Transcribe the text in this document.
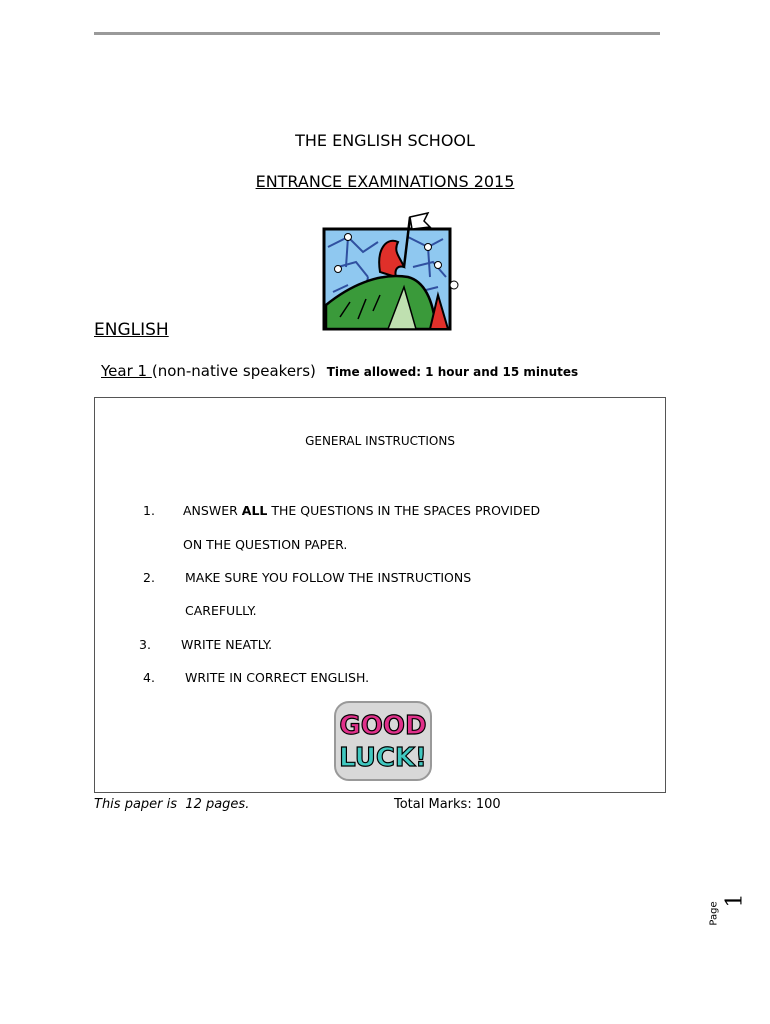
THE ENGLISH SCHOOL
ENTRANCE EXAMINATIONS 2015
ENGLISH
Year 1 (non-native speakers) Time allowed: 1 hour and 15 minutes
GENERAL INSTRUCTIONS
1. ANSWER ALL THE QUESTIONS IN THE SPACES PROVIDED
ON THE QUESTION PAPER.
2. MAKE SURE YOU FOLLOW THE INSTRUCTIONS
CAREFULLY.
3. WRITE NEATLY.
4. WRITE IN CORRECT ENGLISH.
GOOD
LUCK!
This paper is  12 pages.	Total Marks: 100
Page
1
